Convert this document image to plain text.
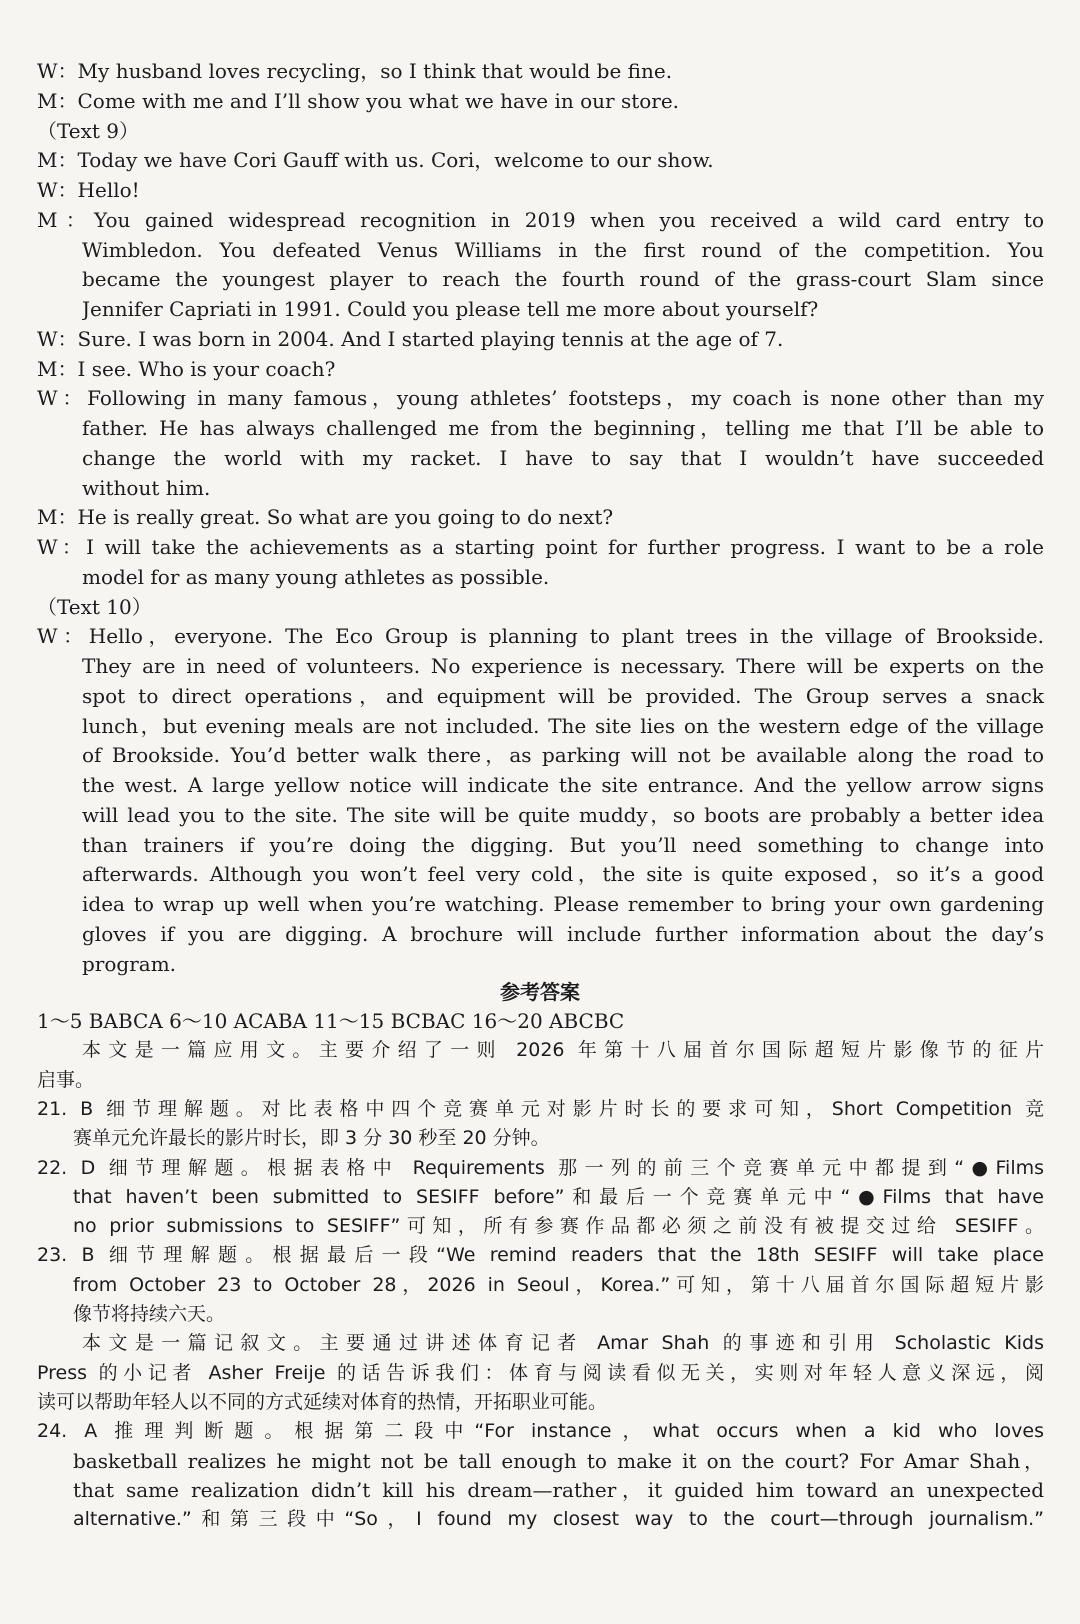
W：My husband loves recycling，so I think that would be fine.
M：Come with me and I’ll show you what we have in our store.
（Text 9）
M：Today we have Cori Gauff with us. Cori，welcome to our show.
W：Hello!
M：You gained widespread recognition in 2019 when you received a wild card entry to
Wimbledon. You defeated Venus Williams in the first round of the competition. You
became the youngest player to reach the fourth round of the grass-court Slam since
Jennifer Capriati in 1991. Could you please tell me more about yourself?
W：Sure. I was born in 2004. And I started playing tennis at the age of 7.
M：I see. Who is your coach?
W：Following in many famous，young athletes’ footsteps，my coach is none other than my
father. He has always challenged me from the beginning，telling me that I’ll be able to
change the world with my racket. I have to say that I wouldn’t have succeeded
without him.
M：He is really great. So what are you going to do next?
W：I will take the achievements as a starting point for further progress. I want to be a role
model for as many young athletes as possible.
（Text 10）
W：Hello，everyone. The Eco Group is planning to plant trees in the village of Brookside.
They are in need of volunteers. No experience is necessary. There will be experts on the
spot to direct operations，and equipment will be provided. The Group serves a snack
lunch，but evening meals are not included. The site lies on the western edge of the village
of Brookside. You’d better walk there，as parking will not be available along the road to
the west. A large yellow notice will indicate the site entrance. And the yellow arrow signs
will lead you to the site. The site will be quite muddy，so boots are probably a better idea
than trainers if you’re doing the digging. But you’ll need something to change into
afterwards. Although you won’t feel very cold，the site is quite exposed，so it’s a good
idea to wrap up well when you’re watching. Please remember to bring your own gardening
gloves if you are digging. A brochure will include further information about the day’s
program.
参考答案
1～5 BABCA 6～10 ACABA 11～15 BCBAC 16～20 ABCBC
本文是一篇应用文。主要介绍了一则 2026 年第十八届首尔国际超短片影像节的征片
启事。
21. B 细节理解题。对比表格中四个竞赛单元对影片时长的要求可知，Short Competition 竞
赛单元允许最长的影片时长，即 3 分 30 秒至 20 分钟。
22. D 细节理解题。根据表格中 Requirements 那一列的前三个竞赛单元中都提到“●Films
that haven’t been submitted to SESIFF before”和最后一个竞赛单元中“●Films that have
no prior submissions to SESIFF”可知，所有参赛作品都必须之前没有被提交过给 SESIFF。
23. B 细节理解题。根据最后一段“We remind readers that the 18th SESIFF will take place
from October 23 to October 28，2026 in Seoul，Korea.”可知，第十八届首尔国际超短片影
像节将持续六天。
本文是一篇记叙文。主要通过讲述体育记者 Amar Shah 的事迹和引用 Scholastic Kids
Press 的小记者 Asher Freije 的话告诉我们：体育与阅读看似无关，实则对年轻人意义深远，阅
读可以帮助年轻人以不同的方式延续对体育的热情，开拓职业可能。
24. A 推理判断题。根据第二段中“For instance，what occurs when a kid who loves
basketball realizes he might not be tall enough to make it on the court? For Amar Shah，
that same realization didn’t kill his dream—rather，it guided him toward an unexpected
alternative.”和第三段中“So，I found my closest way to the court—through journalism.”
